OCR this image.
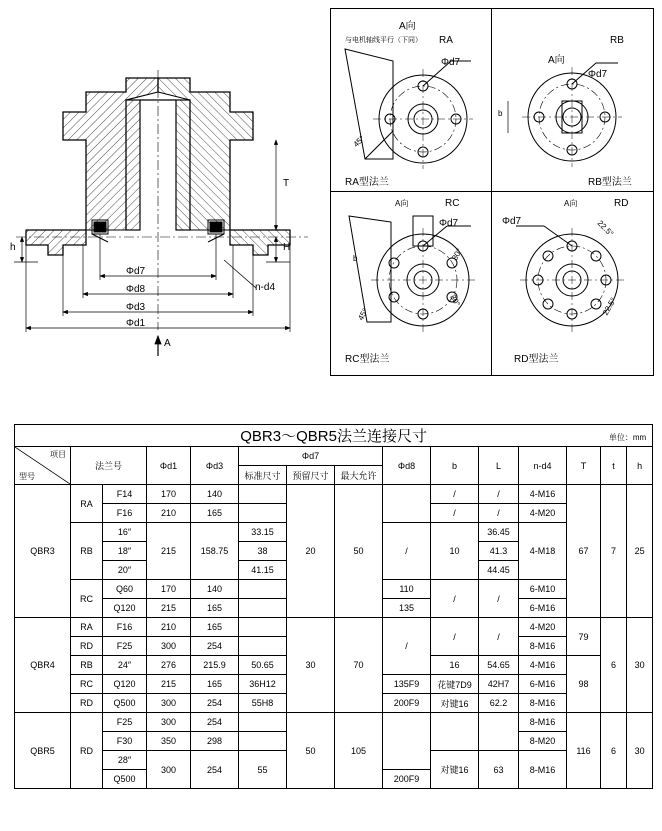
T
H
h
Φd7
Φd8
Φd3
Φd1
n-d4
A
A向
RA
与电机轴线平行（下同）
Φd7
45°
RA型法兰
A向
RB
Φd7
b
RB型法兰
A向	RC
Φd7
b
45°
30°
30°
RC型法兰
A向	RD
Φd7	22.5°
22.5°
RD型法兰
QBR3～QBR5法兰连接尺寸 单位：mm														

项目
型号	法兰号		Φd1	Φd3	Φd7			Φd8	b	L	n-d4	T	t	h
					标准尺寸	预留尺寸	最大允许							
QBR3	RA	F14	170	140		20	50		/	/	4-M16	67	7	25
		F16	210	165					/	/	4-M20			
	RB	16″	215	158.75	33.15			/	10	36.45	4-M18			
		18″			38					41.3				
		20″			41.15					44.45				
	RC	Q60	170	140				110	/	/	6-M10			
		Q120	215	165				135			6-M16			
QBR4	RA	F16	210	165		30	70	/	/	/	4-M20	79	6	30
	RD	F25	300	254							8-M16			
	RB	24″	276	215.9	50.65				16	54.65	4-M16	98		
	RC	Q120	215	165	36H12			135F9	花键7D9	42H7	6-M16			
	RD	Q500	300	254	55H8			200F9	对键16	62.2	8-M16			
QBR5	RD	F25	300	254		50	105				8-M16	116	6	30
		F30	350	298							8-M20			
		28″	300	254	55				对键16	63	8-M16			
		Q500						200F9						
